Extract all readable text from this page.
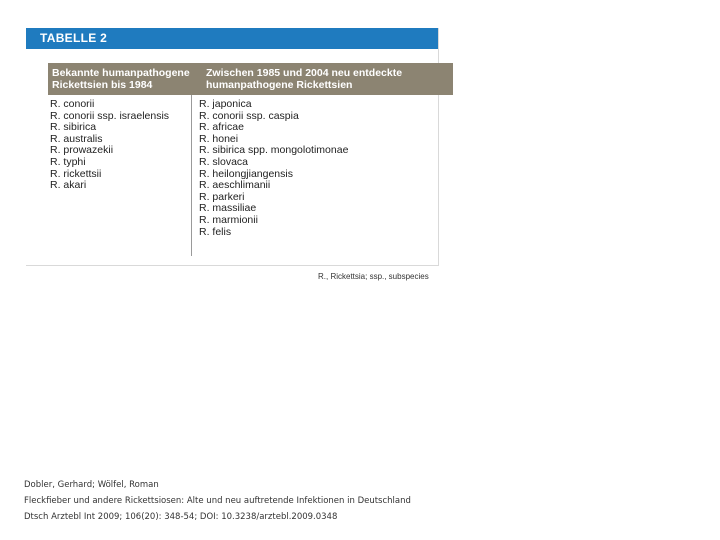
TABELLE 2
Bekannte humanpathogene
Rickettsien bis 1984
Zwischen 1985 und 2004 neu entdeckte
humanpathogene Rickettsien
R. conorii
R. conorii ssp. israelensis
R. sibirica
R. australis
R. prowazekii
R. typhi
R. rickettsii
R. akari
R. japonica
R. conorii ssp. caspia
R. africae
R. honei
R. sibirica spp. mongolotimonae
R. slovaca
R. heilongjiangensis
R. aeschlimanii
R. parkeri
R. massiliae
R. marmionii
R. felis
R., Rickettsia; ssp., subspecies
Dobler, Gerhard; Wölfel, Roman
Fleckfieber und andere Rickettsiosen: Alte und neu auftretende Infektionen in Deutschland
Dtsch Arztebl Int 2009; 106(20): 348-54; DOI: 10.3238/arztebl.2009.0348
